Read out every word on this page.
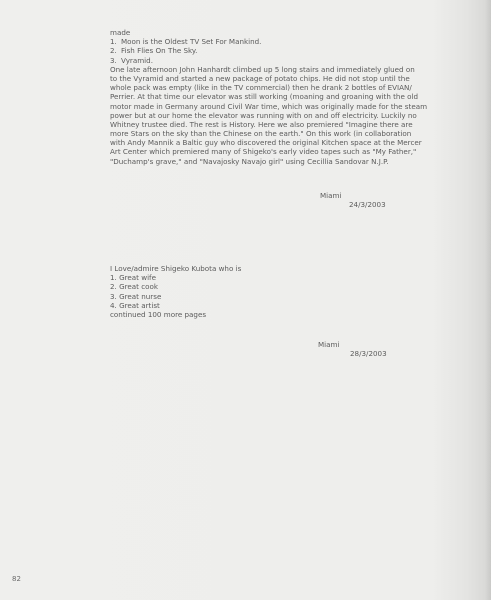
made
1. Moon is the Oldest TV Set For Mankind.
2. Fish Flies On The Sky.
3. Vyramid.
One late afternoon John Hanhardt climbed up 5 long stairs and immediately glued on
to the Vyramid and started a new package of potato chips. He did not stop until the
whole pack was empty (like in the TV commercial) then he drank 2 bottles of EVIAN/
Perrier. At that time our elevator was still working (moaning and groaning with the old
motor made in Germany around Civil War time, which was originally made for the steam
power but at our home the elevator was running with on and off electricity. Luckily no
Whitney trustee died. The rest is History. Here we also premiered "Imagine there are
more Stars on the sky than the Chinese on the earth." On this work (in collaboration
with Andy Mannik a Baltic guy who discovered the original Kitchen space at the Mercer
Art Center which premiered many of Shigeko's early video tapes such as "My Father,"
"Duchamp's grave," and "Navajosky Navajo girl" using Cecillia Sandovar N.J.P.
Miami
24/3/2003
I Love/admire Shigeko Kubota who is
1. Great wife
2. Great cook
3. Great nurse
4. Great artist
continued 100 more pages
Miami
28/3/2003
82
